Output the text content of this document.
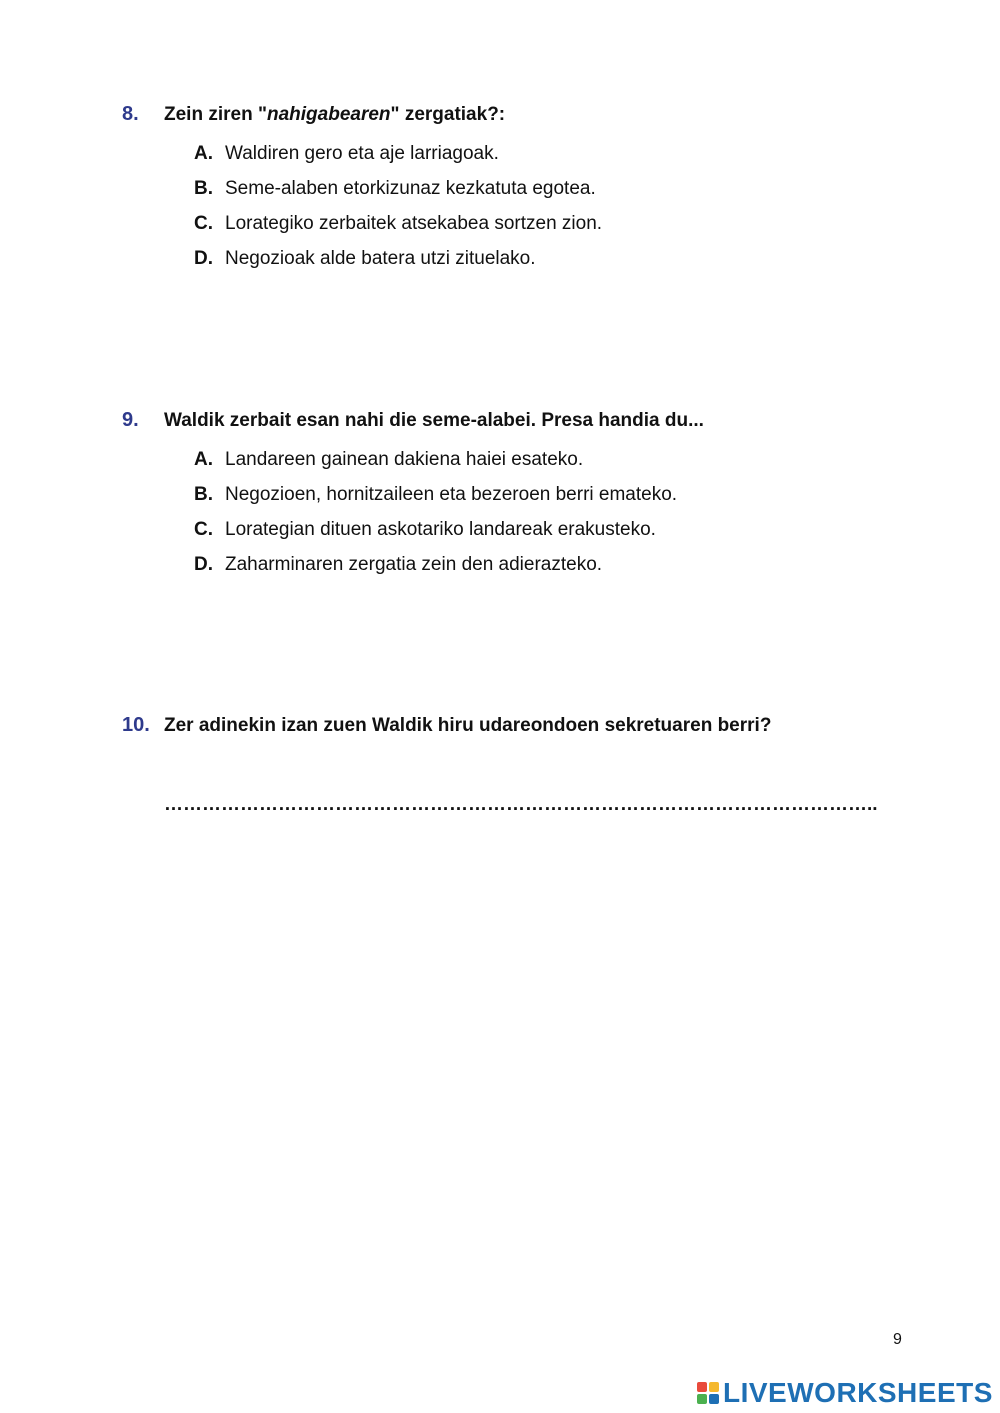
8. Zein ziren "nahigabearen" zergatiak?:
A. Waldiren gero eta aje larriagoak.
B. Seme-alaben etorkizunaz kezkatuta egotea.
C. Lorategiko zerbaitek atsekabea sortzen zion.
D. Negozioak alde batera utzi zituelako.
9. Waldik zerbait esan nahi die seme-alabei. Presa handia du...
A. Landareen gainean dakiena haiei esateko.
B. Negozioen, hornitzaileen eta bezeroen berri emateko.
C. Lorategian dituen askotariko landareak erakusteko.
D. Zaharminaren zergatia zein den adierazteko.
10. Zer adinekin izan zuen Waldik hiru udareondoen sekretuaren berri?
…………………………………………………………………………………………………..
9
LIVEWORKSHEETS
